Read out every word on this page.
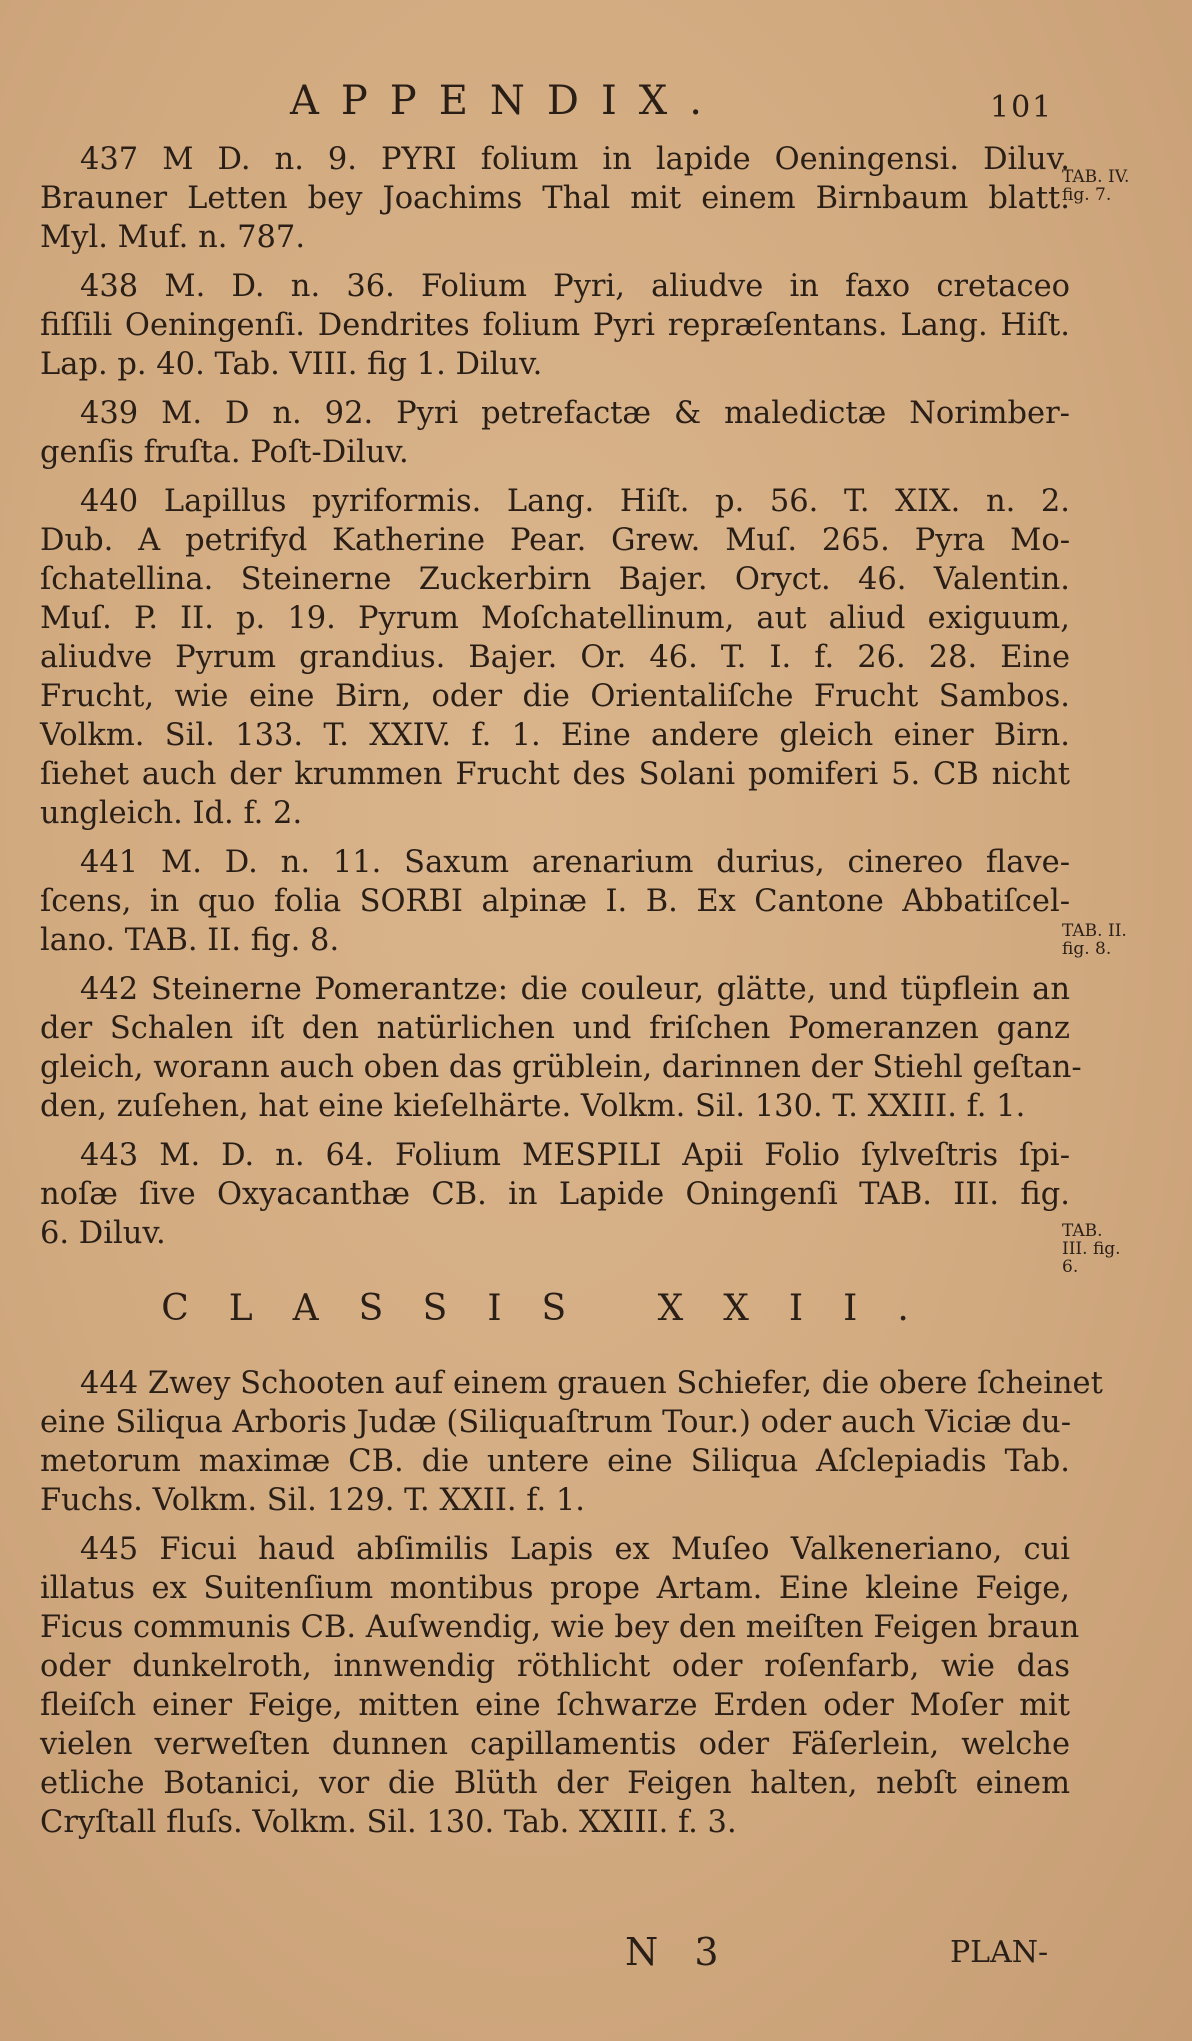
APPENDIX.	101
437 M D. n. 9. PYRI folium in lapide Oeningensi. Diluv.
Brauner Letten bey Joachims Thal mit einem Birnbaum blatt.
Myl. Muf. n. 787.
438 M. D. n. 36. Folium Pyri, aliudve in faxo cretaceo
fiſſili Oeningenſi. Dendrites folium Pyri repræſentans. Lang. Hiſt.
Lap. p. 40. Tab. VIII. fig 1. Diluv.
439 M. D n. 92. Pyri petrefactæ & maledictæ Norimber-
genſis fruſta. Poſt-Diluv.
440 Lapillus pyriformis. Lang. Hiſt. p. 56. T. XIX. n. 2.
Dub. A petrifyd Katherine Pear. Grew. Muſ. 265. Pyra Mo-
ſchatellina. Steinerne Zuckerbirn Bajer. Oryct. 46. Valentin.
Muſ. P. II. p. 19. Pyrum Moſchatellinum, aut aliud exiguum,
aliudve Pyrum grandius. Bajer. Or. 46. T. I. f. 26. 28. Eine
Frucht, wie eine Birn, oder die Orientaliſche Frucht Sambos.
Volkm. Sil. 133. T. XXIV. f. 1. Eine andere gleich einer Birn.
ſiehet auch der krummen Frucht des Solani pomiferi 5. CB nicht
ungleich. Id. f. 2.
441 M. D. n. 11. Saxum arenarium durius, cinereo flave-
ſcens, in quo folia SORBI alpinæ I. B. Ex Cantone Abbatiſcel-
lano. TAB. II. fig. 8.
442 Steinerne Pomerantze: die couleur, glätte, und tüpflein an
der Schalen iſt den natürlichen und friſchen Pomeranzen ganz
gleich, worann auch oben das grüblein, darinnen der Stiehl geſtan-
den, zuſehen, hat eine kieſelhärte. Volkm. Sil. 130. T. XXIII. f. 1.
443 M. D. n. 64. Folium MESPILI Apii Folio ſylveſtris ſpi-
noſæ ſive Oxyacanthæ CB. in Lapide Oningenſi TAB. III. fig.
6. Diluv.
CLASSIS XXII.
444 Zwey Schooten auf einem grauen Schiefer, die obere ſcheinet
eine Siliqua Arboris Judæ (Siliquaſtrum Tour.) oder auch Viciæ du-
metorum maximæ CB. die untere eine Siliqua Aſclepiadis Tab.
Fuchs. Volkm. Sil. 129. T. XXII. f. 1.
445 Ficui haud abſimilis Lapis ex Muſeo Valkeneriano, cui
illatus ex Suitenſium montibus prope Artam. Eine kleine Feige,
Ficus communis CB. Auſwendig, wie bey den meiſten Feigen braun
oder dunkelroth, innwendig röthlicht oder roſenfarb, wie das
fleiſch einer Feige, mitten eine ſchwarze Erden oder Moſer mit
vielen verweſten dunnen capillamentis oder Fäſerlein, welche
etliche Botanici, vor die Blüth der Feigen halten, nebſt einem
Cryſtall fluſs. Volkm. Sil. 130. Tab. XXIII. f. 3.
TAB. IV. fig. 7.
TAB. II. fig. 8.
TAB. III. fig. 6.
N 3	PLAN-
